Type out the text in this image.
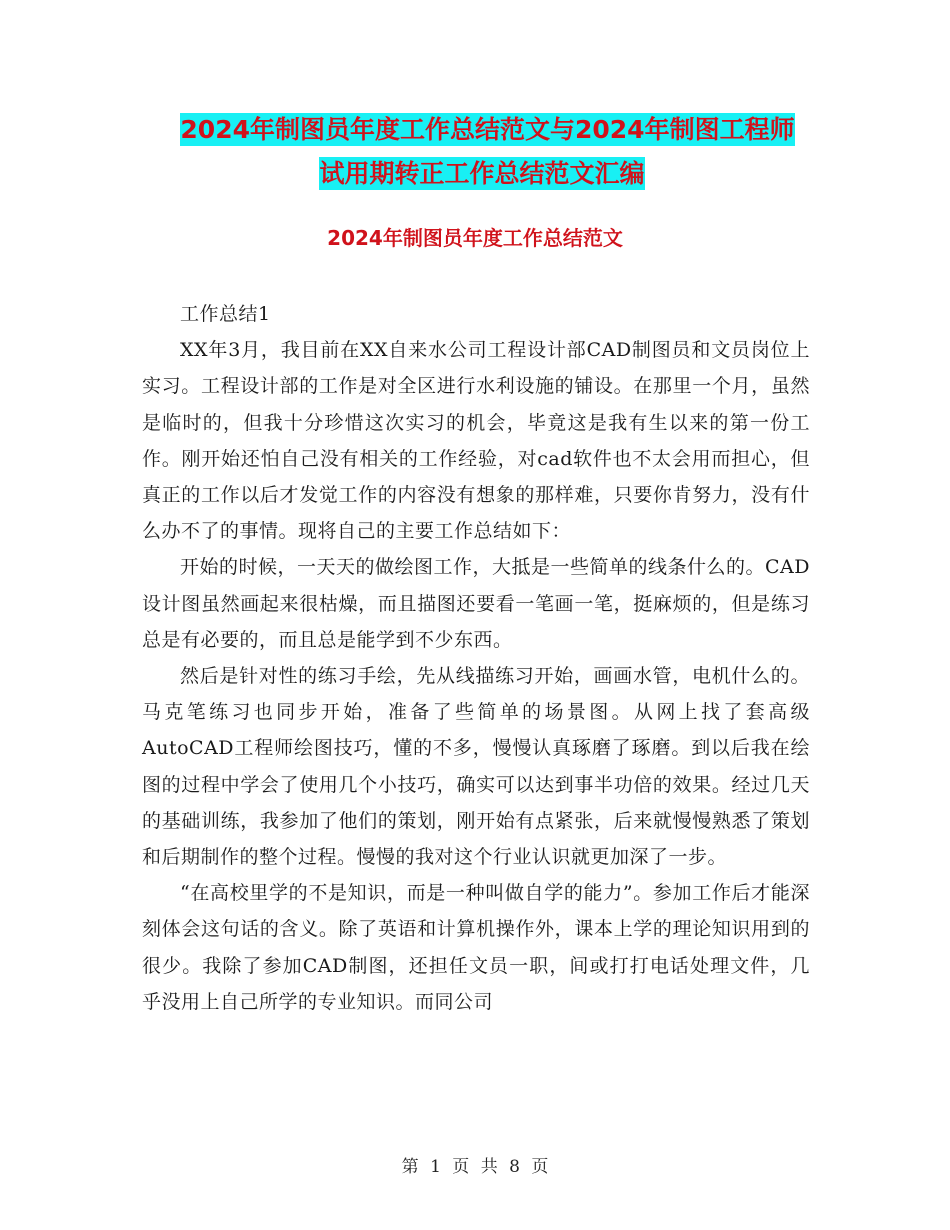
2024年制图员年度工作总结范文与2024年制图工程师
试用期转正工作总结范文汇编
2024年制图员年度工作总结范文

工作总结1

XX年3月，我目前在XX自来水公司工程设计部CAD制图员和文员岗位上实习。工程设计部的工作是对全区进行水利设施的铺设。在那里一个月，虽然是临时的，但我十分珍惜这次实习的机会，毕竟这是我有生以来的第一份工作。刚开始还怕自己没有相关的工作经验，对cad软件也不太会用而担心，但真正的工作以后才发觉工作的内容没有想象的那样难，只要你肯努力，没有什么办不了的事情。现将自己的主要工作总结如下：

开始的时候，一天天的做绘图工作，大抵是一些简单的线条什么的。CAD设计图虽然画起来很枯燥，而且描图还要看一笔画一笔，挺麻烦的，但是练习总是有必要的，而且总是能学到不少东西。

然后是针对性的练习手绘，先从线描练习开始，画画水管，电机什么的。马克笔练习也同步开始，准备了些简单的场景图。从网上找了套高级AutoCAD工程师绘图技巧，懂的不多，慢慢认真琢磨了琢磨。到以后我在绘图的过程中学会了使用几个小技巧，确实可以达到事半功倍的效果。经过几天的基础训练，我参加了他们的策划，刚开始有点紧张，后来就慢慢熟悉了策划和后期制作的整个过程。慢慢的我对这个行业认识就更加深了一步。

“在高校里学的不是知识，而是一种叫做自学的能力”。参加工作后才能深刻体会这句话的含义。除了英语和计算机操作外，课本上学的理论知识用到的很少。我除了参加CAD制图，还担任文员一职，间或打打电话处理文件，几乎没用上自己所学的专业知识。而同公司

第 1 页 共 8 页
